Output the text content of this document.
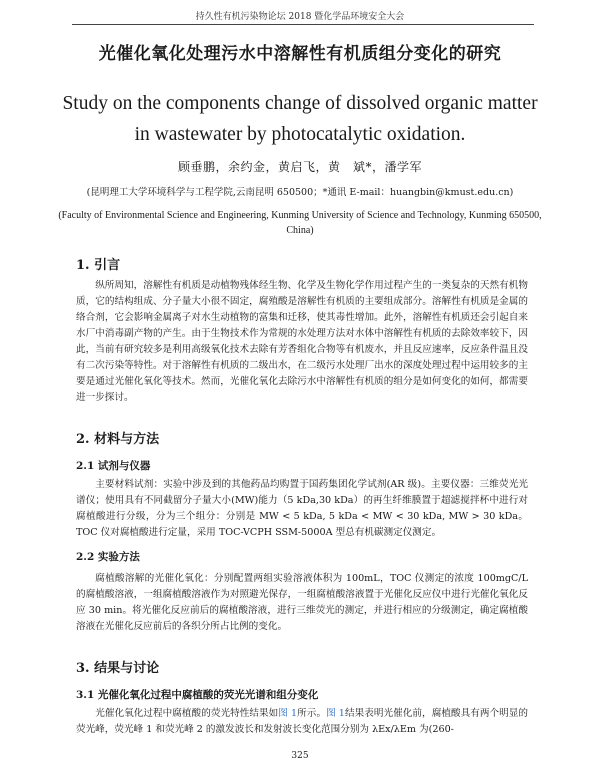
持久性有机污染物论坛 2018 暨化学品环境安全大会
光催化氧化处理污水中溶解性有机质组分变化的研究
Study on the components change of dissolved organic matter in wastewater by photocatalytic oxidation.
顾垂鹏，余约金，黄启飞，黄　斌*，潘学军
(昆明理工大学环境科学与工程学院,云南昆明 650500；*通讯 E-mail：huangbin@kmust.edu.cn)
(Faculty of Environmental Science and Engineering, Kunming University of Science and Technology, Kunming 650500, China)
1. 引言

纵所周知，溶解性有机质是动植物残体经生物、化学及生物化学作用过程产生的一类复杂的天然有机物质，它的结构组成、分子量大小很不固定，腐殖酸是溶解性有机质的主要组成部分。溶解性有机质是金属的络合剂，它会影响金属离子对水生动植物的富集和迁移，使其毒性增加。此外，溶解性有机质还会引起自来水厂中消毒副产物的产生。由于生物技术作为常规的水处理方法对水体中溶解性有机质的去除效率较下，因此，当前有研究较多是利用高级氧化技术去除有芳香组化合物等有机废水，并且反应速率，反应条件温且没有二次污染等特性。对于溶解性有机质的二级出水，在二级污水处理厂出水的深度处理过程中运用较多的主要是通过光催化氧化等技术。然而，光催化氧化去除污水中溶解性有机质的组分是如何变化的如何，都需要进一步探讨。

2. 材料与方法
2.1 试剂与仪器

主要材料试剂：实验中涉及到的其他药品均购置于国药集团化学试剂(AR 级)。主要仪器：三维荧光光谱仪；使用具有不同截留分子量大小(MW)能力（5 kDa,30 kDa）的再生纤维膜置于超滤搅拌杯中进行对腐植酸进行分级，分为三个组分：分别是 MW < 5 kDa, 5 kDa < MW < 30 kDa, MW > 30 kDa。TOC 仪对腐植酸进行定量，采用 TOC-VCPH SSM-5000A 型总有机碳测定仪测定。

2.2 实验方法

腐植酸溶解的光催化氧化：分别配置两组实验溶液体积为 100mL，TOC 仪测定的浓度 100mgC/L 的腐植酸溶液，一组腐植酸溶液作为对照避光保存，一组腐植酸溶液置于光催化反应仪中进行光催化氧化反应 30 min。将光催化反应前后的腐植酸溶液，进行三维荧光的测定，并进行相应的分级测定，确定腐植酸溶液在光催化反应前后的各织分所占比例的变化。

3. 结果与讨论
3.1 光催化氧化过程中腐植酸的荧光光谱和组分变化

光催化氧化过程中腐植酸的荧光特性结果如图 1所示。图 1结果表明光催化前，腐植酸具有两个明显的荧光峰，荧光峰 1 和荧光峰 2 的激发波长和发射波长变化范围分别为 λEx/λEm 为(260-

325
